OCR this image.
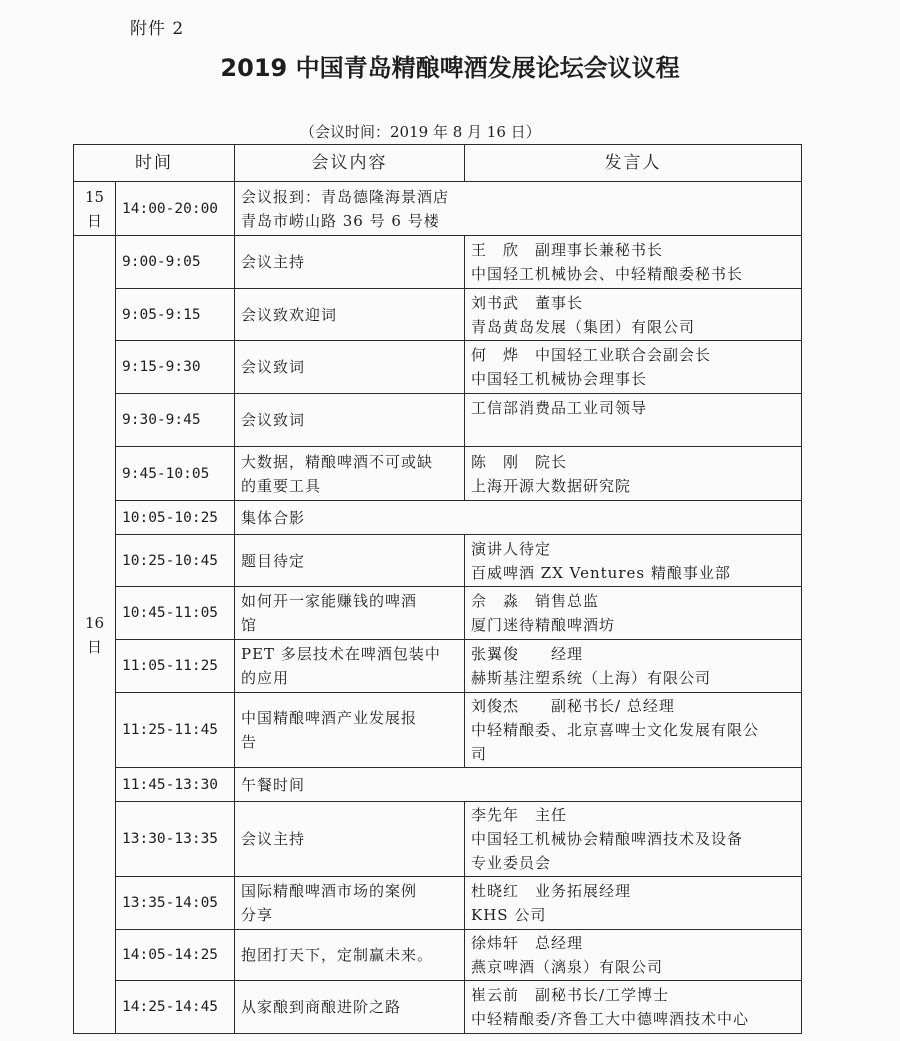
附件 2
2019 中国青岛精酿啤酒发展论坛会议议程
（会议时间：2019 年 8 月 16 日）
时间		会议内容	发言人

15
日	14:00-20:00	会议报到：青岛德隆海景酒店
青岛市崂山路 36 号 6 号楼	

16
日	9:00-9:05	会议主持	王　欣　副理事长兼秘书长
中国轻工机械协会、中轻精酿委秘书长

	9:05-9:15	会议致欢迎词	刘书武　董事长
青岛黄岛发展（集团）有限公司

	9:15-9:30	会议致词	何　烨　中国轻工业联合会副会长
中国轻工机械协会理事长

	9:30-9:45	会议致词	工信部消费品工业司领导

	9:45-10:05	大数据，精酿啤酒不可或缺
的重要工具	陈　刚　院长
上海开源大数据研究院

	10:05-10:25	集体合影	

	10:25-10:45	题目待定	演讲人待定
百威啤酒 ZX Ventures 精酿事业部

	10:45-11:05	如何开一家能赚钱的啤酒
馆	佘　淼　销售总监
厦门迷待精酿啤酒坊

	11:05-11:25	PET 多层技术在啤酒包装中
的应用	张翼俊　　经理
赫斯基注塑系统（上海）有限公司

	11:25-11:45	中国精酿啤酒产业发展报
告	刘俊杰　　副秘书长/ 总经理
中轻精酿委、北京喜啤士文化发展有限公
司

	11:45-13:30	午餐时间	

	13:30-13:35	会议主持	李先年　主任
中国轻工机械协会精酿啤酒技术及设备
专业委员会

	13:35-14:05	国际精酿啤酒市场的案例
分享	杜晓红　业务拓展经理
KHS 公司

	14:05-14:25	抱团打天下，定制赢未来。	徐炜轩　总经理
燕京啤酒（漓泉）有限公司

	14:25-14:45	从家酿到商酿进阶之路	崔云前　副秘书长/工学博士
中轻精酿委/齐鲁工大中德啤酒技术中心
